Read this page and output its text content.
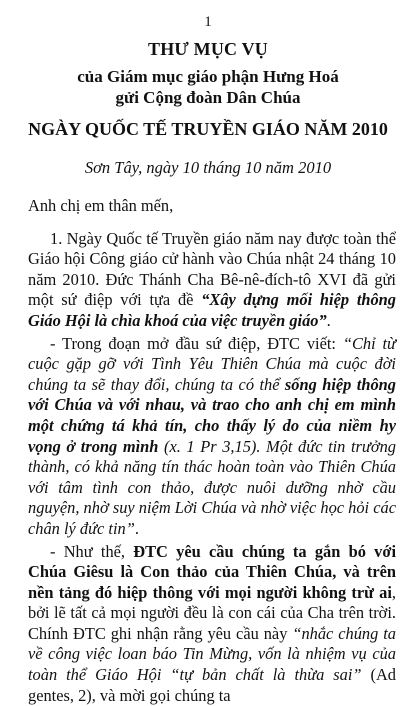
1

THƯ MỤC VỤ

của Giám mục giáo phận Hưng Hoá

gửi Cộng đoàn Dân Chúa

NGÀY QUỐC TẾ TRUYỀN GIÁO NĂM 2010

Sơn Tây, ngày 10 tháng 10 năm 2010

Anh chị em thân mến,

1. Ngày Quốc tế Truyền giáo năm nay được toàn thể Giáo hội Công giáo cử hành vào Chúa nhật 24 tháng 10 năm 2010. Đức Thánh Cha Bê-nê-đích-tô XVI đã gửi một sứ điệp với tựa đề “Xây dựng mối hiệp thông Giáo Hội là chìa khoá của việc truyền giáo”.

- Trong đoạn mở đầu sứ điệp, ĐTC viết: “Chỉ từ cuộc gặp gỡ với Tình Yêu Thiên Chúa mà cuộc đời chúng ta sẽ thay đổi, chúng ta có thể sống hiệp thông với Chúa và với nhau, và trao cho anh chị em mình một chứng tá khả tín, cho thấy lý do của niềm hy vọng ở trong mình (x. 1 Pr 3,15). Một đức tin trưởng thành, có khả năng tín thác hoàn toàn vào Thiên Chúa với tâm tình con thảo, được nuôi dưỡng nhờ cầu nguyện, nhờ suy niệm Lời Chúa và nhờ việc học hỏi các chân lý đức tin”.

- Như thế, ĐTC yêu cầu chúng ta gắn bó với Chúa Giêsu là Con thảo của Thiên Chúa, và trên nền tảng đó hiệp thông với mọi người không trừ ai, bởi lẽ tất cả mọi người đều là con cái của Cha trên trời. Chính ĐTC ghi nhận rằng yêu cầu này “nhắc chúng ta về công việc loan báo Tin Mừng, vốn là nhiệm vụ của toàn thể Giáo Hội “tự bản chất là thừa sai” (Ad gentes, 2), và mời gọi chúng ta
